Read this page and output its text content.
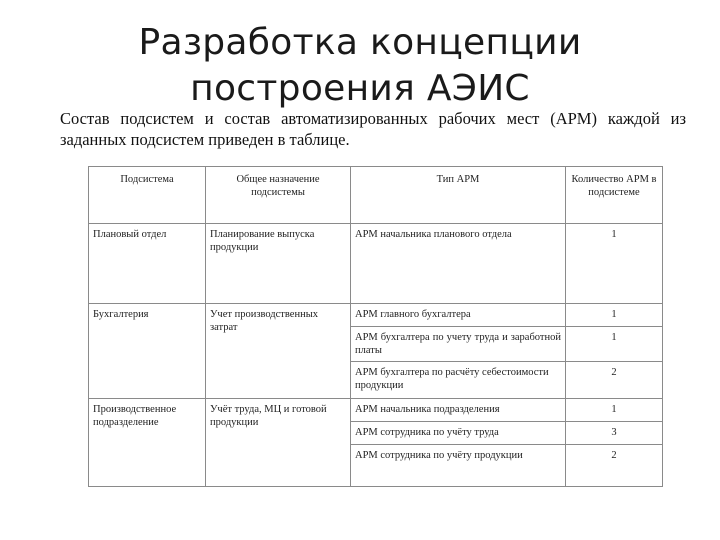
Разработка концепции построения АЭИС
Состав подсистем и состав автоматизированных рабочих мест (АРМ) каждой из заданных подсистем приведен в таблице.
Подсистема	Общее назначение подсистемы	Тип АРМ	Количество АРМ в подсистеме
Плановый отдел	Планирование выпуска продукции	АРМ начальника планового отдела	1
Бухгалтерия	Учет производственных затрат	АРМ главного бухгалтера	1
		АРМ бухгалтера по учету труда и заработной платы	1
		АРМ бухгалтера по расчёту себестоимости продукции	2
Производственное подразделение	Учёт труда, МЦ и готовой продукции	АРМ начальника подразделения	1
		АРМ сотрудника по учёту труда	3
		АРМ сотрудника по учёту продукции	2
